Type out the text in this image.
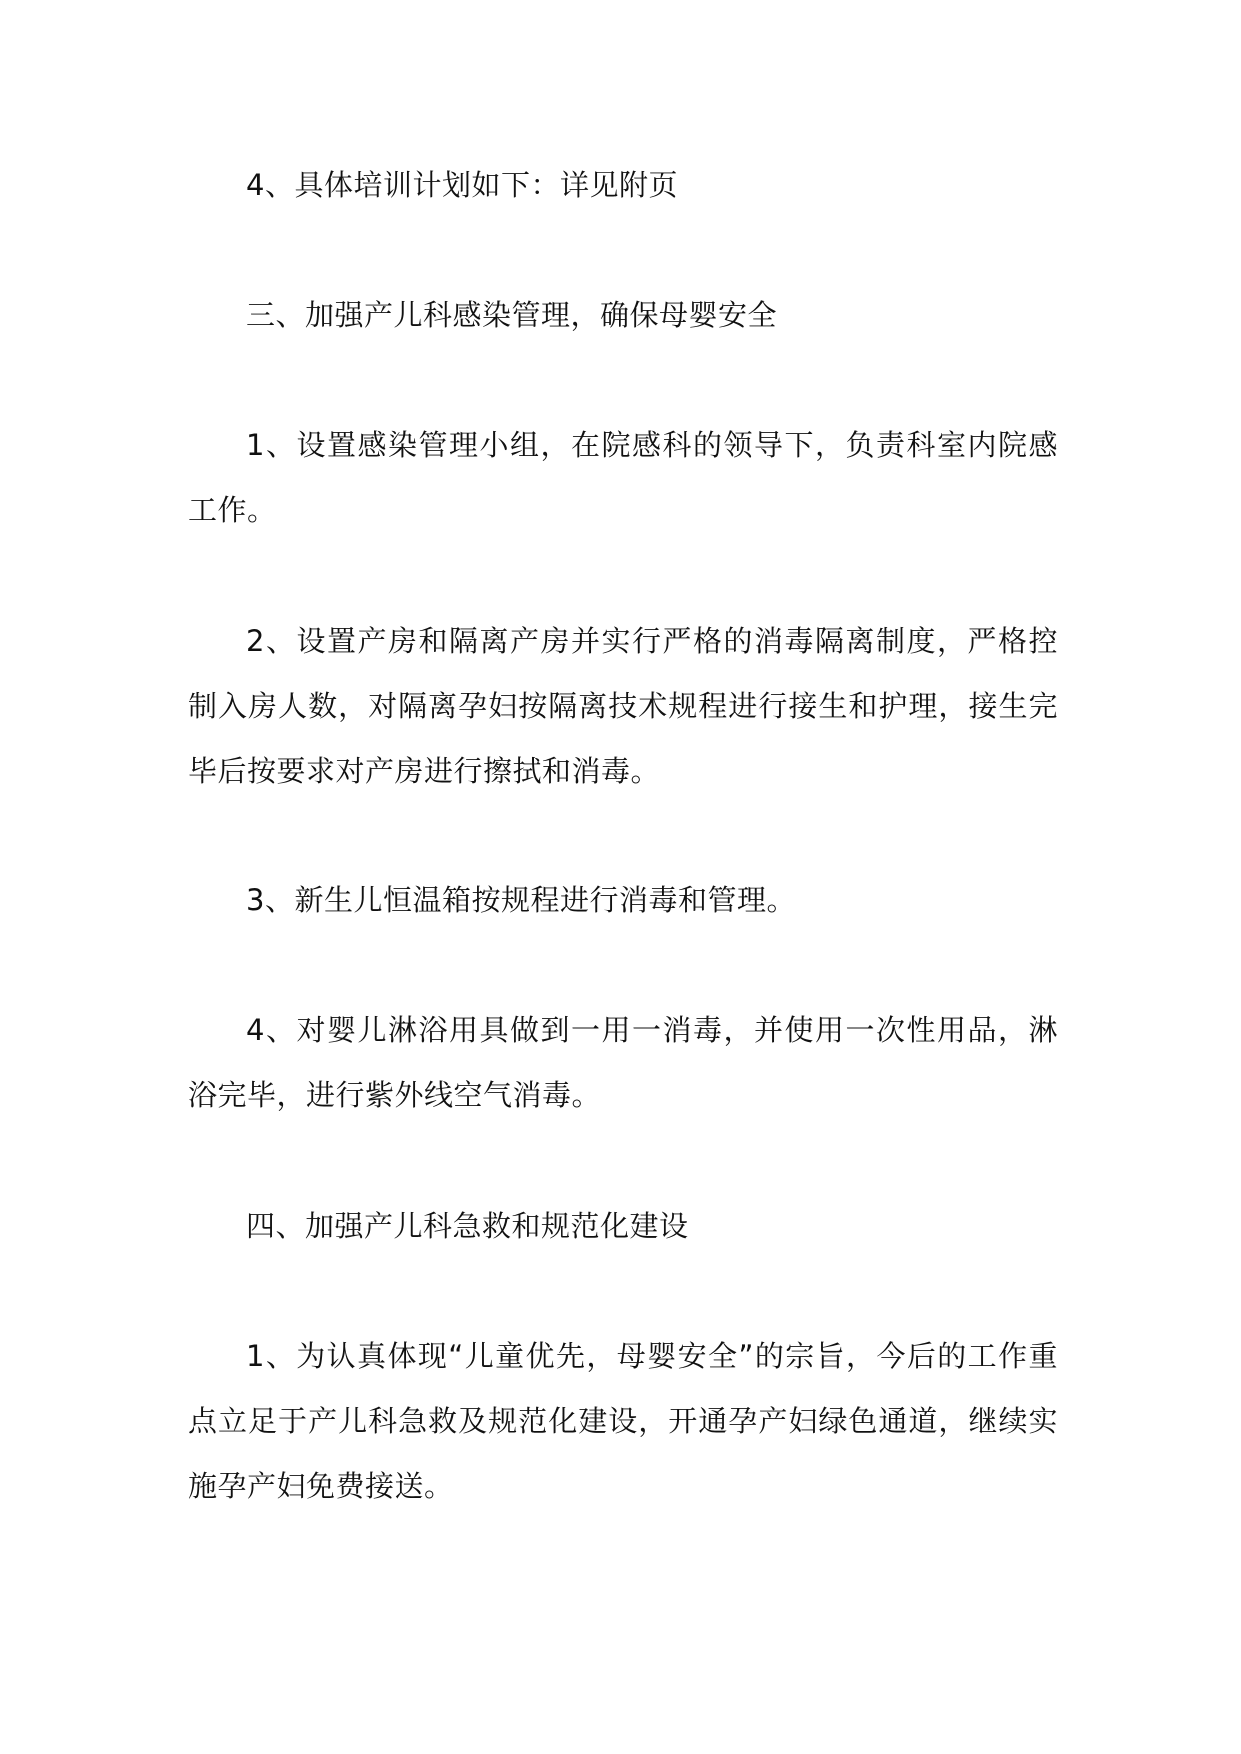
4、具体培训计划如下：详见附页

三、加强产儿科感染管理，确保母婴安全

1、设置感染管理小组，在院感科的领导下，负责科室内院感工作。

2、设置产房和隔离产房并实行严格的消毒隔离制度，严格控制入房人数，对隔离孕妇按隔离技术规程进行接生和护理，接生完毕后按要求对产房进行擦拭和消毒。

3、新生儿恒温箱按规程进行消毒和管理。

4、对婴儿淋浴用具做到一用一消毒，并使用一次性用品，淋浴完毕，进行紫外线空气消毒。

四、加强产儿科急救和规范化建设

1、为认真体现“儿童优先，母婴安全”的宗旨，今后的工作重点立足于产儿科急救及规范化建设，开通孕产妇绿色通道，继续实施孕产妇免费接送。
